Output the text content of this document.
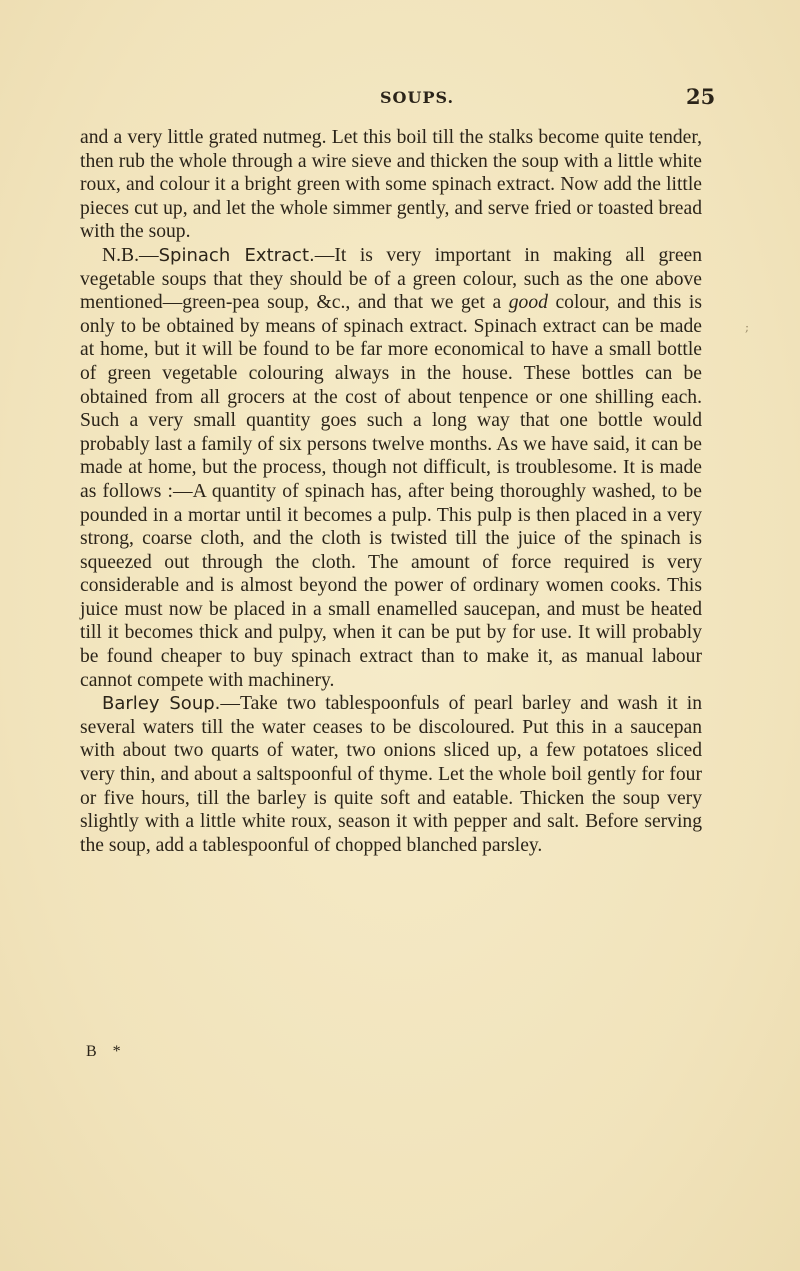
SOUPS.	25

and a very little grated nutmeg. Let this boil till the stalks become quite tender, then rub the whole through a wire sieve and thicken the soup with a little white roux, and colour it a bright green with some spinach extract. Now add the little pieces cut up, and let the whole simmer gently, and serve fried or toasted bread with the soup.

N.B.—Spinach Extract.—It is very important in making all green vegetable soups that they should be of a green colour, such as the one above mentioned—green-pea soup, &c., and that we get a good colour, and this is only to be obtained by means of spinach extract. Spinach extract can be made at home, but it will be found to be far more economical to have a small bottle of green vegetable colouring always in the house. These bottles can be obtained from all grocers at the cost of about tenpence or one shilling each. Such a very small quantity goes such a long way that one bottle would probably last a family of six persons twelve months. As we have said, it can be made at home, but the process, though not difficult, is troublesome. It is made as follows :—A quantity of spinach has, after being thoroughly washed, to be pounded in a mortar until it becomes a pulp. This pulp is then placed in a very strong, coarse cloth, and the cloth is twisted till the juice of the spinach is squeezed out through the cloth. The amount of force required is very considerable and is almost beyond the power of ordinary women cooks. This juice must now be placed in a small enamelled saucepan, and must be heated till it becomes thick and pulpy, when it can be put by for use. It will probably be found cheaper to buy spinach extract than to make it, as manual labour cannot compete with machinery.

Barley Soup.—Take two tablespoonfuls of pearl barley and wash it in several waters till the water ceases to be discoloured. Put this in a saucepan with about two quarts of water, two onions sliced up, a few potatoes sliced very thin, and about a saltspoonful of thyme. Let the whole boil gently for four or five hours, till the barley is quite soft and eatable. Thicken the soup very slightly with a little white roux, season it with pepper and salt. Before serving the soup, add a tablespoonful of chopped blanched parsley.

B *
;
